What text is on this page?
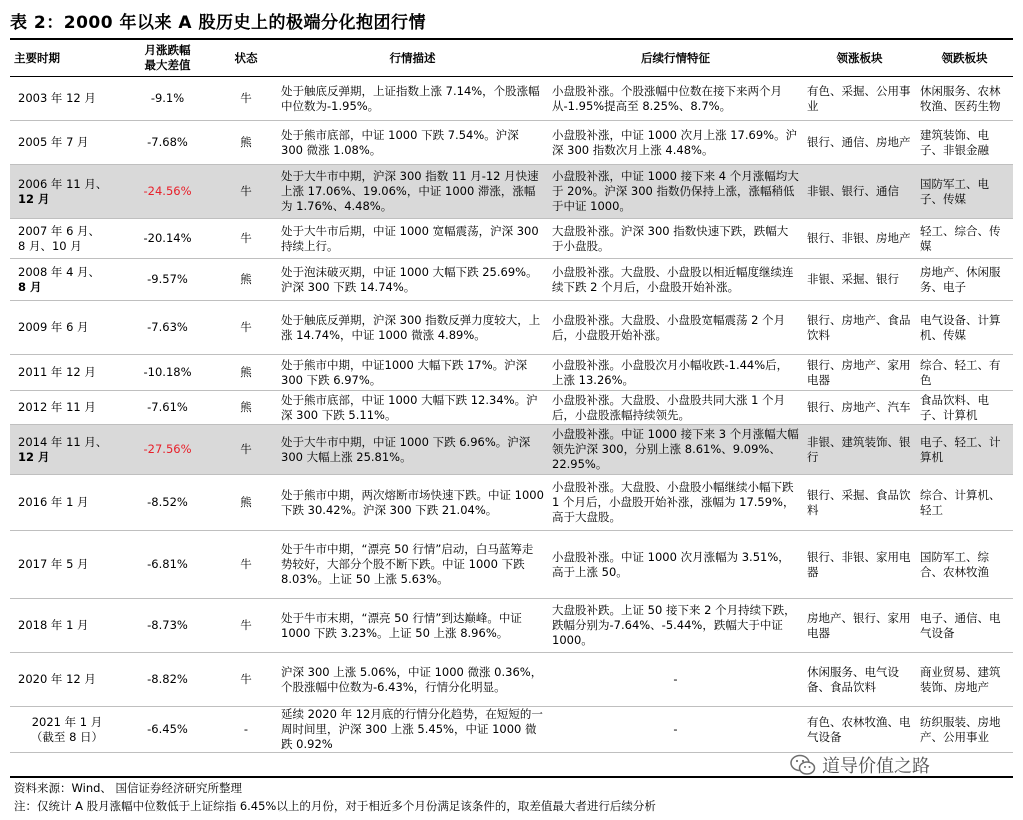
表 2：2000 年以来 A 股历史上的极端分化抱团行情
主要时期	月涨跌幅
最大差值	状态	行情描述	后续行情特征	领涨板块	领跌板块
2003 年 12 月	-9.1%	牛	处于触底反弹期，上证指数上涨 7.14%，个股涨幅中位数为-1.95%。	小盘股补涨。个股涨幅中位数在接下来两个月从-1.95%提高至 8.25%、8.7%。	有色、采掘、公用事业	休闲服务、农林牧渔、医药生物
2005 年 7 月	-7.68%	熊	处于熊市底部，中证 1000 下跌 7.54%。沪深 300 微涨 1.08%。	小盘股补涨，中证 1000 次月上涨 17.69%。沪深 300 指数次月上涨 4.48%。	银行、通信、房地产	建筑装饰、电子、非银金融
2006 年 11 月、
12 月	-24.56%	牛	处于大牛市中期，沪深 300 指数 11 月-12 月快速上涨 17.06%、19.06%，中证 1000 滞涨，涨幅为 1.76%、4.48%。	小盘股补涨，中证 1000 接下来 4 个月涨幅均大于 20%。沪深 300 指数仍保持上涨，涨幅稍低于中证 1000。	非银、银行、通信	国防军工、电子、传媒
2007 年 6 月、
8 月、10 月	-20.14%	牛	处于大牛市后期，中证 1000 宽幅震荡，沪深 300 持续上行。	大盘股补涨。沪深 300 指数快速下跌，跌幅大于小盘股。	银行、非银、房地产	轻工、综合、传媒
2008 年 4 月、
8 月	-9.57%	熊	处于泡沫破灭期，中证 1000 大幅下跌 25.69%。沪深 300 下跌 14.74%。	小盘股补涨。大盘股、小盘股以相近幅度继续连续下跌 2 个月后，小盘股开始补涨。	非银、采掘、银行	房地产、休闲服务、电子
2009 年 6 月	-7.63%	牛	处于触底反弹期，沪深 300 指数反弹力度较大，上涨 14.74%，中证 1000 微涨 4.89%。	小盘股补涨。大盘股、小盘股宽幅震荡 2 个月后，小盘股开始补涨。	银行、房地产、食品饮料	电气设备、计算机、传媒
2011 年 12 月	-10.18%	熊	处于熊市中期，中证1000 大幅下跌 17%。沪深 300 下跌 6.97%。	小盘股补涨。小盘股次月小幅收跌-1.44%后，上涨 13.26%。	银行、房地产、家用电器	综合、轻工、有色
2012 年 11 月	-7.61%	熊	处于熊市底部，中证 1000 大幅下跌 12.34%。沪深 300 下跌 5.11%。	小盘股补涨。大盘股、小盘股共同大涨 1 个月后，小盘股涨幅持续领先。	银行、房地产、汽车	食品饮料、电子、计算机
2014 年 11 月、
12 月	-27.56%	牛	处于大牛市中期，中证 1000 下跌 6.96%。沪深 300 大幅上涨 25.81%。	小盘股补涨。中证 1000 接下来 3 个月涨幅大幅领先沪深 300，分别上涨 8.61%、9.09%、22.95%。	非银、建筑装饰、银行	电子、轻工、计算机
2016 年 1 月	-8.52%	熊	处于熊市中期，两次熔断市场快速下跌。中证 1000 下跌 30.42%。沪深 300 下跌 21.04%。	小盘股补涨。大盘股、小盘股小幅继续小幅下跌 1 个月后，小盘股开始补涨，涨幅为 17.59%，高于大盘股。	银行、采掘、食品饮料	综合、计算机、轻工
2017 年 5 月	-6.81%	牛	处于牛市中期，“漂亮 50 行情”启动，白马蓝筹走势较好，大部分个股不断下跌。中证 1000 下跌 8.03%。上证 50 上涨 5.63%。	小盘股补涨。中证 1000 次月涨幅为 3.51%，高于上涨 50。	银行、非银、家用电器	国防军工、综合、农林牧渔
2018 年 1 月	-8.73%	牛	处于牛市末期，“漂亮 50 行情”到达巅峰。中证 1000 下跌 3.23%。上证 50 上涨 8.96%。	大盘股补跌。上证 50 接下来 2 个月持续下跌，跌幅分别为-7.64%、-5.44%，跌幅大于中证 1000。	房地产、银行、家用电器	电子、通信、电气设备
2020 年 12 月	-8.82%	牛	沪深 300 上涨 5.06%，中证 1000 微涨 0.36%，个股涨幅中位数为-6.43%，行情分化明显。	-	休闲服务、电气设备、食品饮料	商业贸易、建筑装饰、房地产
2021 年 1 月
（截至 8 日）	-6.45%	-	延续 2020 年 12月底的行情分化趋势，在短短的一周时间里，沪深 300 上涨 5.45%，中证 1000 微跌 0.92%	-	有色、农林牧渔、电气设备	纺织服装、房地产、公用事业
资料来源：Wind、 国信证券经济研究所整理
注：仅统计 A 股月涨幅中位数低于上证综指 6.45%以上的月份，对于相近多个月份满足该条件的，取差值最大者进行后续分析
道导价值之路
